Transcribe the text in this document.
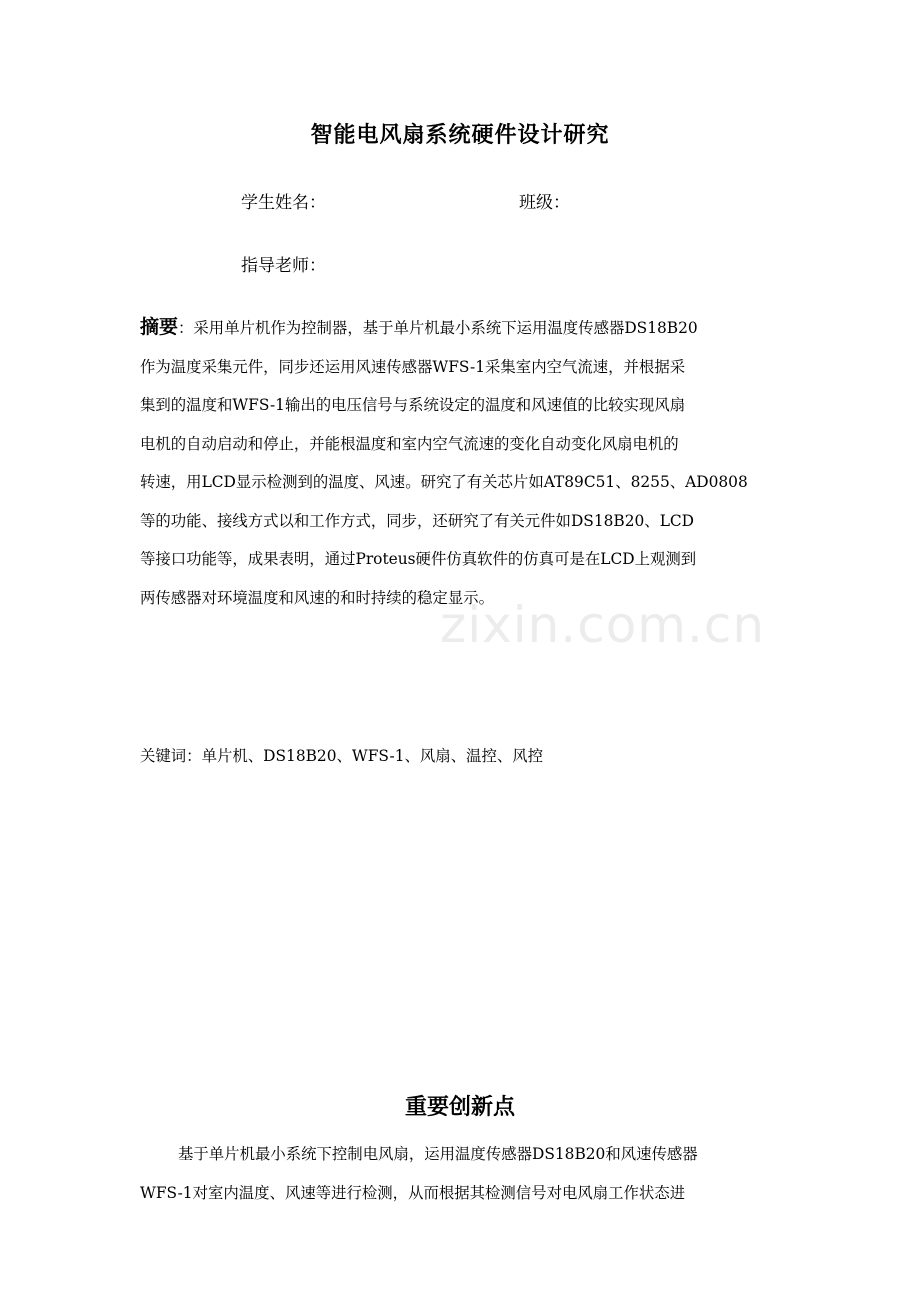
智能电风扇系统硬件设计研究
学生姓名：	班级：
指导老师：
摘要：采用单片机作为控制器，基于单片机最小系统下运用温度传感器DS18B20
作为温度采集元件，同步还运用风速传感器WFS-1采集室内空气流速，并根据采
集到的温度和WFS-1输出的电压信号与系统设定的温度和风速值的比较实现风扇
电机的自动启动和停止，并能根温度和室内空气流速的变化自动变化风扇电机的
转速，用LCD显示检测到的温度、风速。研究了有关芯片如AT89C51、8255、AD0808
等的功能、接线方式以和工作方式，同步，还研究了有关元件如DS18B20、LCD
等接口功能等，成果表明，通过Proteus硬件仿真软件的仿真可是在LCD上观测到
两传感器对环境温度和风速的和时持续的稳定显示。
关键词：单片机、DS18B20、WFS-1、风扇、温控、风控
重要创新点
基于单片机最小系统下控制电风扇，运用温度传感器DS18B20和风速传感器
WFS-1对室内温度、风速等进行检测，从而根据其检测信号对电风扇工作状态进
zixin.com.cn
